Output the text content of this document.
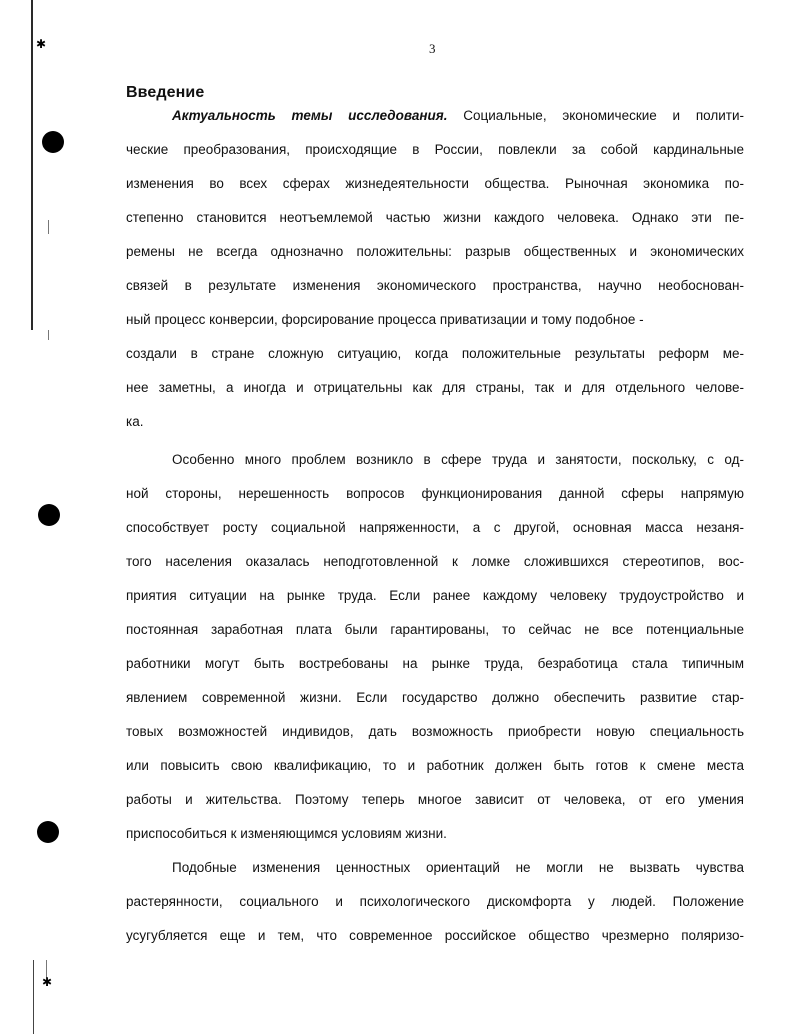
✱
✱
3
Введение
Актуальность темы исследования. Социальные, экономические и полити-
ческие преобразования, происходящие в России, повлекли за собой кардинальные
изменения во всех сферах жизнедеятельности общества. Рыночная экономика по-
степенно становится неотъемлемой частью жизни каждого человека. Однако эти пе-
ремены не всегда однозначно положительны: разрыв общественных и экономических
связей в результате изменения экономического пространства, научно необоснован-
ный процесс конверсии, форсирование процесса приватизации и тому подобное -
создали в стране сложную ситуацию, когда положительные результаты реформ ме-
нее заметны, а иногда и отрицательны как для страны, так и для отдельного челове-
ка.
Особенно много проблем возникло в сфере труда и занятости, поскольку, с од-
ной стороны, нерешенность вопросов функционирования данной сферы напрямую
способствует росту социальной напряженности, а с другой, основная масса незаня-
того населения оказалась неподготовленной к ломке сложившихся стереотипов, вос-
приятия ситуации на рынке труда. Если ранее каждому человеку трудоустройство и
постоянная заработная плата были гарантированы, то сейчас не все потенциальные
работники могут быть востребованы на рынке труда, безработица стала типичным
явлением современной жизни. Если государство должно обеспечить развитие стар-
товых возможностей индивидов, дать возможность приобрести новую специальность
или повысить свою квалификацию, то и работник должен быть готов к смене места
работы и жительства. Поэтому теперь многое зависит от человека, от его умения
приспособиться к изменяющимся условиям жизни.
Подобные изменения ценностных ориентаций не могли не вызвать чувства
растерянности, социального и психологического дискомфорта у людей. Положение
усугубляется еще и тем, что современное российское общество чрезмерно поляризо-
